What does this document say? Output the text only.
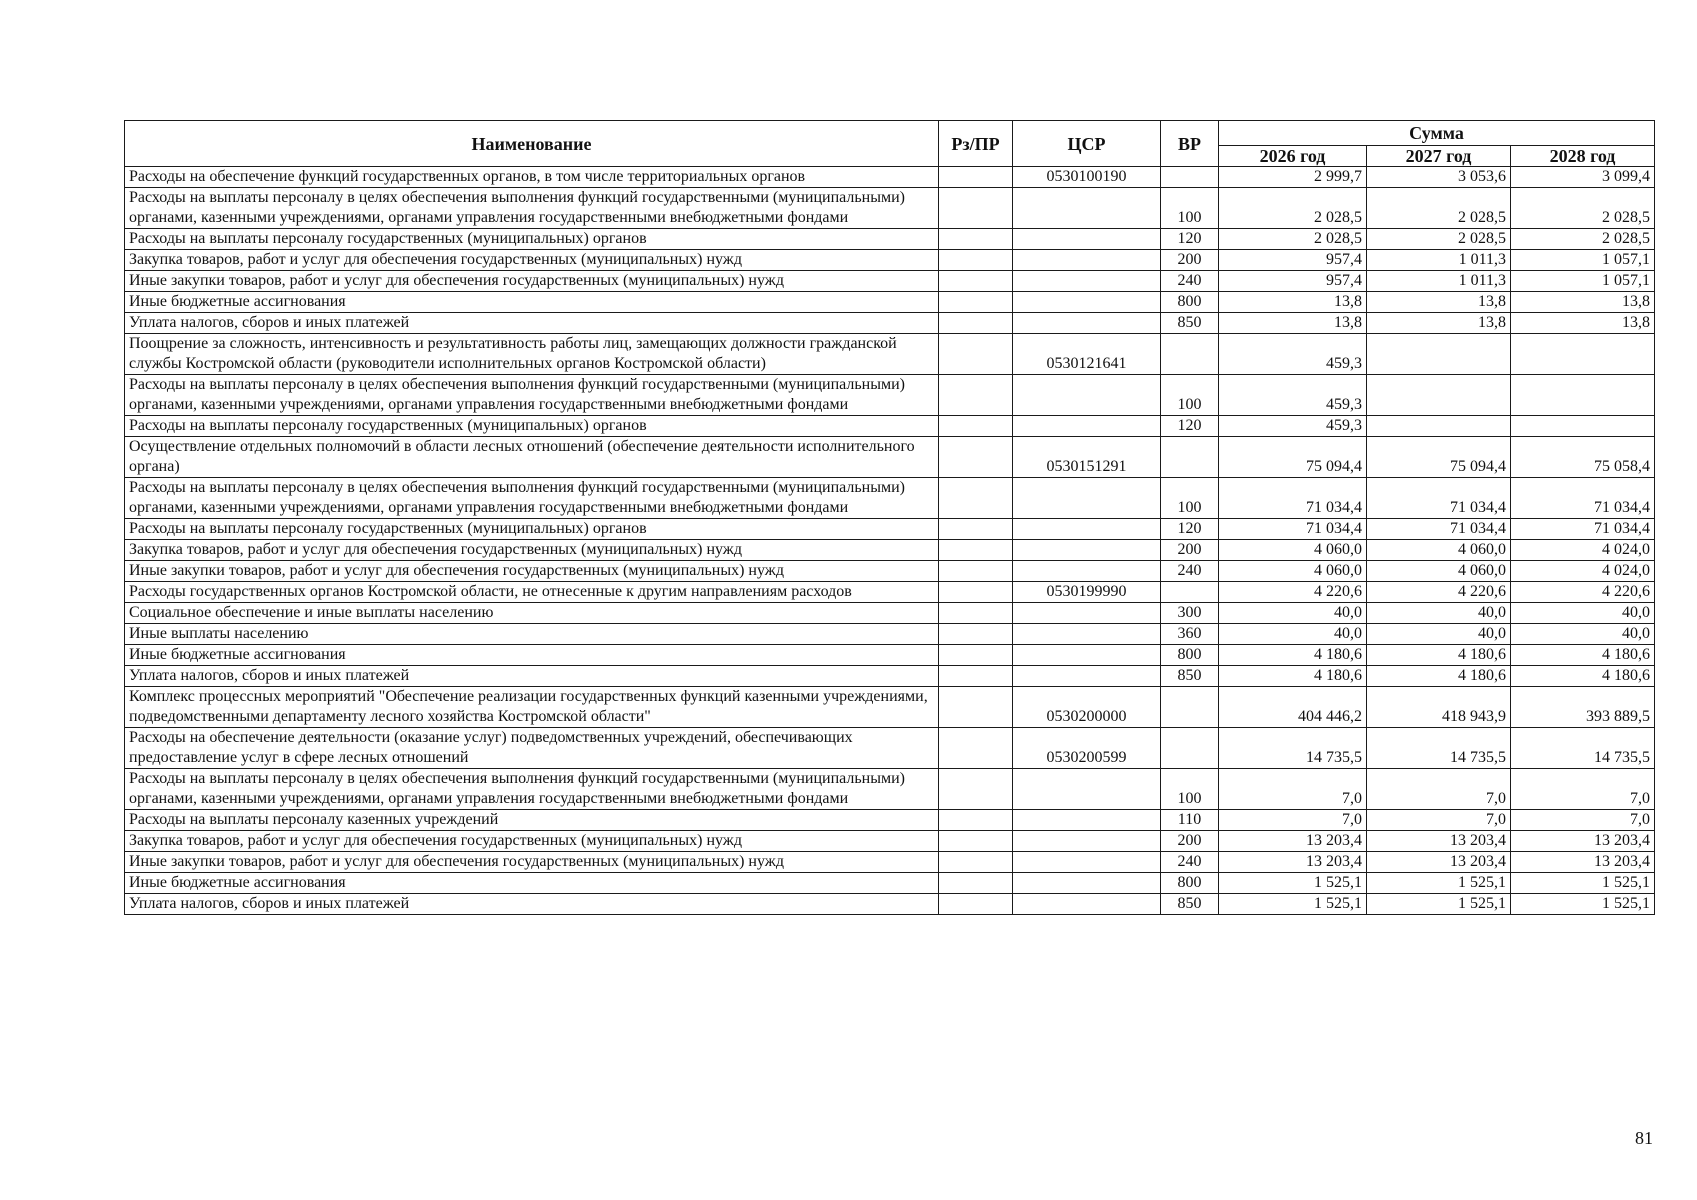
Наименование	Рз/ПР	ЦСР	ВР	Сумма		
				2026 год	2027 год	2028 год
Расходы на обеспечение функций государственных органов, в том числе территориальных органов		0530100190		2 999,7	3 053,6	3 099,4
Расходы на выплаты персоналу в целях обеспечения выполнения функций государственными (муниципальными) органами, казенными учреждениями, органами управления государственными внебюджетными фондами			100	2 028,5	2 028,5	2 028,5
Расходы на выплаты персоналу государственных (муниципальных) органов			120	2 028,5	2 028,5	2 028,5
Закупка товаров, работ и услуг для обеспечения государственных (муниципальных) нужд			200	957,4	1 011,3	1 057,1
Иные закупки товаров, работ и услуг для обеспечения государственных (муниципальных) нужд			240	957,4	1 011,3	1 057,1
Иные бюджетные ассигнования			800	13,8	13,8	13,8
Уплата налогов, сборов и иных платежей			850	13,8	13,8	13,8
Поощрение за сложность, интенсивность и результативность работы лиц, замещающих должности гражданской службы Костромской области (руководители исполнительных органов Костромской области)		0530121641		459,3		
Расходы на выплаты персоналу в целях обеспечения выполнения функций государственными (муниципальными) органами, казенными учреждениями, органами управления государственными внебюджетными фондами			100	459,3		
Расходы на выплаты персоналу государственных (муниципальных) органов			120	459,3		
Осуществление отдельных полномочий в области лесных отношений (обеспечение деятельности исполнительного органа)		0530151291		75 094,4	75 094,4	75 058,4
Расходы на выплаты персоналу в целях обеспечения выполнения функций государственными (муниципальными) органами, казенными учреждениями, органами управления государственными внебюджетными фондами			100	71 034,4	71 034,4	71 034,4
Расходы на выплаты персоналу государственных (муниципальных) органов			120	71 034,4	71 034,4	71 034,4
Закупка товаров, работ и услуг для обеспечения государственных (муниципальных) нужд			200	4 060,0	4 060,0	4 024,0
Иные закупки товаров, работ и услуг для обеспечения государственных (муниципальных) нужд			240	4 060,0	4 060,0	4 024,0
Расходы государственных органов Костромской области, не отнесенные к другим направлениям расходов		0530199990		4 220,6	4 220,6	4 220,6
Социальное обеспечение и иные выплаты населению			300	40,0	40,0	40,0
Иные выплаты населению			360	40,0	40,0	40,0
Иные бюджетные ассигнования			800	4 180,6	4 180,6	4 180,6
Уплата налогов, сборов и иных платежей			850	4 180,6	4 180,6	4 180,6
Комплекс процессных мероприятий "Обеспечение реализации государственных функций казенными учреждениями, подведомственными департаменту лесного хозяйства Костромской области"		0530200000		404 446,2	418 943,9	393 889,5
Расходы на обеспечение деятельности (оказание услуг) подведомственных учреждений, обеспечивающих предоставление услуг в сфере лесных отношений		0530200599		14 735,5	14 735,5	14 735,5
Расходы на выплаты персоналу в целях обеспечения выполнения функций государственными (муниципальными) органами, казенными учреждениями, органами управления государственными внебюджетными фондами			100	7,0	7,0	7,0
Расходы на выплаты персоналу казенных учреждений			110	7,0	7,0	7,0
Закупка товаров, работ и услуг для обеспечения государственных (муниципальных) нужд			200	13 203,4	13 203,4	13 203,4
Иные закупки товаров, работ и услуг для обеспечения государственных (муниципальных) нужд			240	13 203,4	13 203,4	13 203,4
Иные бюджетные ассигнования			800	1 525,1	1 525,1	1 525,1
Уплата налогов, сборов и иных платежей			850	1 525,1	1 525,1	1 525,1
81
